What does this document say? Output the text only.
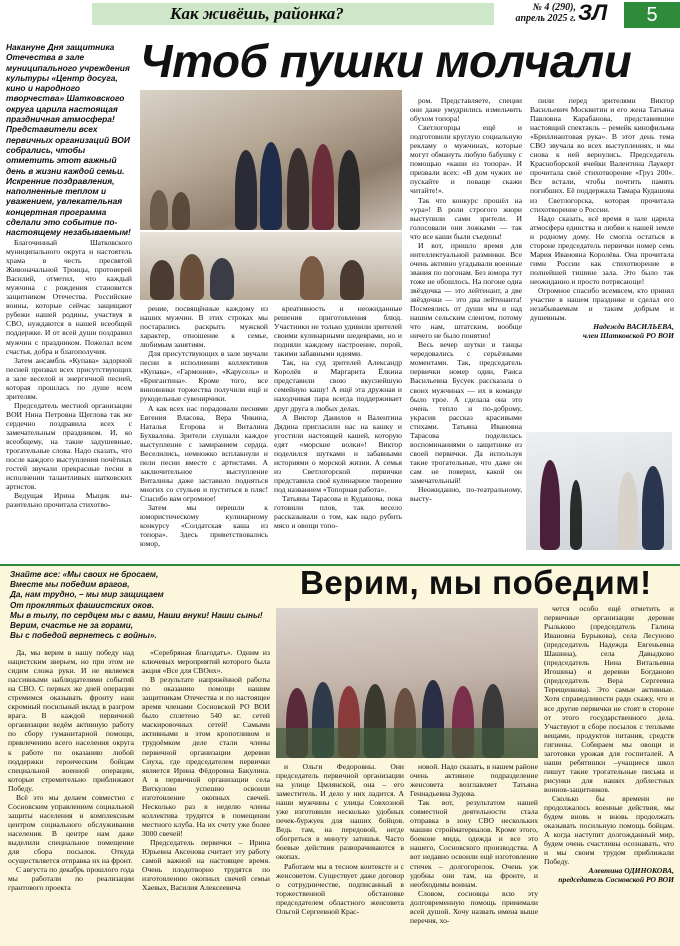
Как живёшь, районка?	№ 4 (290),
апрель 2025 г. ЗЛ	5
Накануне Дня защитника Отечества в зале муниципального учреждения культуры «Центр досуга, кино и народного творчества» Шатковского округа царила настоящая праздничная атмосфера! Представители всех первичных организаций ВОИ собрались, чтобы отметить этот важный день в жизни каждой семьи. Искренние поздравления, наполненные теплом и уважением, увлекательная концертная программа сделали это событие по-настоящему незабываемым!
Чтоб пушки молчали

Благочинный Шатковского муниципального округа и настоятель храма в честь пресвятой Живоначальной Троицы, протоиерей Василий, отметил, что каждый мужчина с рождения становится защитником Отечества. Российские воины, которые сейчас защищают рубежи нашей родины, участвуя в СВО, нуждаются в нашей всеобщей поддержке. И от всей души поздравил мужчин с праздником. Пожелал всем счастья, добра и благополучия.

Затем ансамбль «Купава» задорной песней призвал всех присутствующих в зале веселой и энергичной песней, которая прошлась по душе всем зрителям.

Председатель местной организации ВОИ Нина Петровна Щеглова так же сердечно поздравила всех с замечательным праздником. И, ко всеобщему, на такие задушевные, трогательные слова. Надо сказать, что после каждого выступления почётных гостей звучали прекрасные песни в исполнении талантливых шатковских артистов.

Ведущая Ирина Мыцик выразительно прочитала стихотво-

рение, посвящённые каждому из наших мужчин. В этих строках мы постарались раскрыть мужской характер, отношение к семье, любимым занятиям.

Для присутствующих в зале звучали песни в исполнении коллективов «Купава», «Гармония», «Карусель» и «Бригантина». Кроме того, все виновники торжества получили ещё и рукодельные сувенирчики.

А как всех нас порадовали песнями Евгения Власова, Вера Чикина, Наталья Егорова и Виталина Бухвалова. Зрители слушали каждое выступление с замиранием сердца. Веселились, немножко всплакнули и пели песни вместе с артистами. А заключительное выступление Виталины даже заставило подняться многих со стульев и пуститься в пляс! Спасибо вам огромное!

Затем мы перешли к юмористическому кулинарному конкурсу «Солдатская каша из топора». Здесь приветствовались юмор,

креативность и неожиданные решения приготовления блюд. Участники не только удивили зрителей своими кулинарными шедеврами, но и подняли каждому настроение, порой, такими забавными идеями.

Так, на суд зрителей Александр Королёв и Маргарита Ёлкина представили свою вкуснейшую семейную кашу! А ещё эта дружная и находчивая пара всегда поддерживает друг друга в любых делах.

А Виктор Данилов и Валентина Дядина пригласили нас на кашку и угостили настоящей кашей, которую едят «морские волки»! Виктор поделился шутками и забавными историями о морской жизни. А семья из Светлогорской первички представила своё кулинарное творение под названием «Топорная работа».

Татьяны Тарасова и Кудашова, пока готовили плов, так весело рассказывали о том, как надо рубить мясо и овощи топо-

ром. Представляете, специи они даже умудрились измельчить обухом топора!

Светлогорцы ещё и подготовили круглую социальную рекламу о мужчинах, которые могут обмануть любую бабушку с помощью «каши из топора». И призвали всех: «В дом чужих не пускайте и поваще скажи читайте!».

Так что конкурс прошёл на «ура»! В роли строгого жюри выступили сами зрители. И голосовали они ложками — так что все каши были съедены!

И вот, пришло время для интеллектуальной разминки. Все очень активно угадывали военные звания по погонам. Без юмора тут тоже не обошлось. На погоне одна звёздочка — это лейтенант, а две звёздочки — это два лейтенанта! Посмеялись от души мы и над нашим сельским сленгом, потому что нам, штатским, вообще ничего не было понятно!

Весь вечер шутки и танцы чередовались с серьёзными моментами. Так, председатель первички номер один, Раиса Васильевна Бусуек рассказала о своих мужчинах — их в команде было трое. А сделала она это очень тепло и по-доброму, украсив рассказ красивыми стихами. Татьяна Ивановна Тарасова поделилась воспоминаниями о защитнике из своей первички. Да используя такие трогательные, что даже он сам не поверил, какой он замечательный!

Неожиданно, по-театральному, высту-

пили перед зрителями Виктор Васильевич Москвитин и его жена Татьяна Павловна Карабанова, представившие настоящий спектакль – ремейк кинофильма «Бриллиантовая рука». В этот день тема СВО звучала во всех выступлениях, и мы снова к ней вернулись. Председатель Красноборской ячейки Валентина Лаукерт прочитала своё стихотворение «Груз 200». Все встали, чтобы почтить память погибших. Её поддержала Тамара Кудашова из Светлогорска, которая прочитала стихотворение о России.

Надо сказать, всё время в зале царила атмосфера единства и любви к нашей земле и родному дому. Не смогла остаться в стороне председатель первички номер семь Мария Ивановна Королёва. Она прочитала гимн России как стихотворение в полнейшей тишине зала. Это было так неожиданно и просто потрясающе!

Огромное спасибо всемвсем, кто принял участие в нашем празднике и сделал его незабываемым и таким добрым и душевным.

Надежда ВАСИЛЬЕВА,

член Шатковской РО ВОИ

Знайте все: «Мы своих не бросаем,
Вместе мы победим врагов,
Да, нам трудно, – мы мир защищаем
От проклятых фашистских оков.
Мы в тылу, по сердцем мы с вами, Наши внуки! Наши сыны!
Верим, счастье не за горами,
Вы с победой вернетесь с войны».
Верим, мы победим!

Да, мы верим в нашу победу над нацистским зверьем, но при этом не сидим сложа руки. И не являемся пассивными наблюдателями событий на СВО. С первых же дней операции стремимся оказывать фронту наш скромный посильный вклад в разгром врага. В каждой первичной организации ведём активную работу по сбору гуманитарной помощи, привлечению всего населения округа к работе по оказанию любой поддержки героическим бойцам специальной военной операции, которые стремительно приближают Победу.

Всё это мы делаем совместно с Сосновским управлением социальной защиты населения и комплексным центром социального обслуживания населения. В центре нам даже выделили специальное помещение для сбора посылок. Откуда осуществляется отправка их на фронт.

С августа по декабрь прошлого года мы работали по реализации грантового проекта

«Серебряная благодать». Одним из ключевых мероприятий которого была акция «Все для СВОих».

В результате напряжённой работы по оказанию помощи нашим защитникам Отечества и по настоящее время членами Сосновской РО ВОИ было сплетено 540 кг. сетей маскировочных сетей! Самыми активными в этом кропотливом и трудоёмком деле стали члены первичной организации деревни Сиуха, где председателем первички является Ирина Фёдоровна Бакулина. А в первичной организации села Виткулово успешно освоили изготовление окопных свечей. Несколько раз в неделю члены коллектива трудятся в помещении местного клуба. На их счету уже более 3000 свечей!

Председатель первички – Ирина Юрьевна Аксенова считает эту работу самой важной на настоящее время. Очень плодотворно трудятся по изготовлению окопных свечей семьи Хаевых, Василия Алексеевича

и Ольги Федоровны. Они председатель первичной организации на улице Цмлянской, она – его заместитель. И дело у них ладится. А наши мужчины с улицы Совхозной уже изготовили несколько удобных печек-буржуек для наших бойцов. Ведь там, на передовой, негде обогреться в минуту затишья. Часто боевые действия разворачиваются в окопах.

Работаем мы в тесном контексте и с женсоветом. Существует даже договор о сотрудничестве, подписанный в торжественной обстановке председателем областного женсовета Ольгой Сергеевной Крас-

новой. Надо сказать, в нашем районе очень активное подразделение женсовета возглавляет Татьяна Геннадьевна Зудова.

Так вот, результатом нашей совместной деятельности стала отправка в зону СВО нескольких машин стройматериалов. Кроме этого, боеконе мида, одежда и все это нашего, Сосновского производства. А вот недавно освоили ещё изготовление стичек – долгогорелок. Очень уж удобны они там, на фронте, и необходимы воинам.

Словом, сосновцы всю эту долговременную помощь принимали всей душой. Хочу назвать имена выше перечня, хо-

чется особо ещё отметить и первичные организации деревни Рыльково (председатель Галина Ивановна Бурыкова), села Лесуново (председатель Надежда Евгеньевна Шашина), села Давыдково (председатель Нина Витальевна Игошина) и деревни Богданово (председатель Вера Сергеевна Терещенкова). Это самые активные. Хотя справедливости ради скажу, что и все другие первички не стоят в стороне от этого государственного дела. Участвуют в сборе посылок с теплыми вещами, продуктов питания, средств гигиены. Собираем мы овощи и заготовки урожая для госпиталей. А наши ребятишки –учащиеся школ пишут такие трогательные письма и рисунки для наших доблестных воинов-защитников.

Сколько бы времени не продолжалось военные действия, мы будем вновь и вновь продолжать оказывать посильную помощь бойцам. А когда наступит долгожданный мир, будем очень счастливы осознавать, что и мы своим трудом приближали Победу.

Алевтина ОДИНОКОВА,

председатель Сосновской РО ВОИ
